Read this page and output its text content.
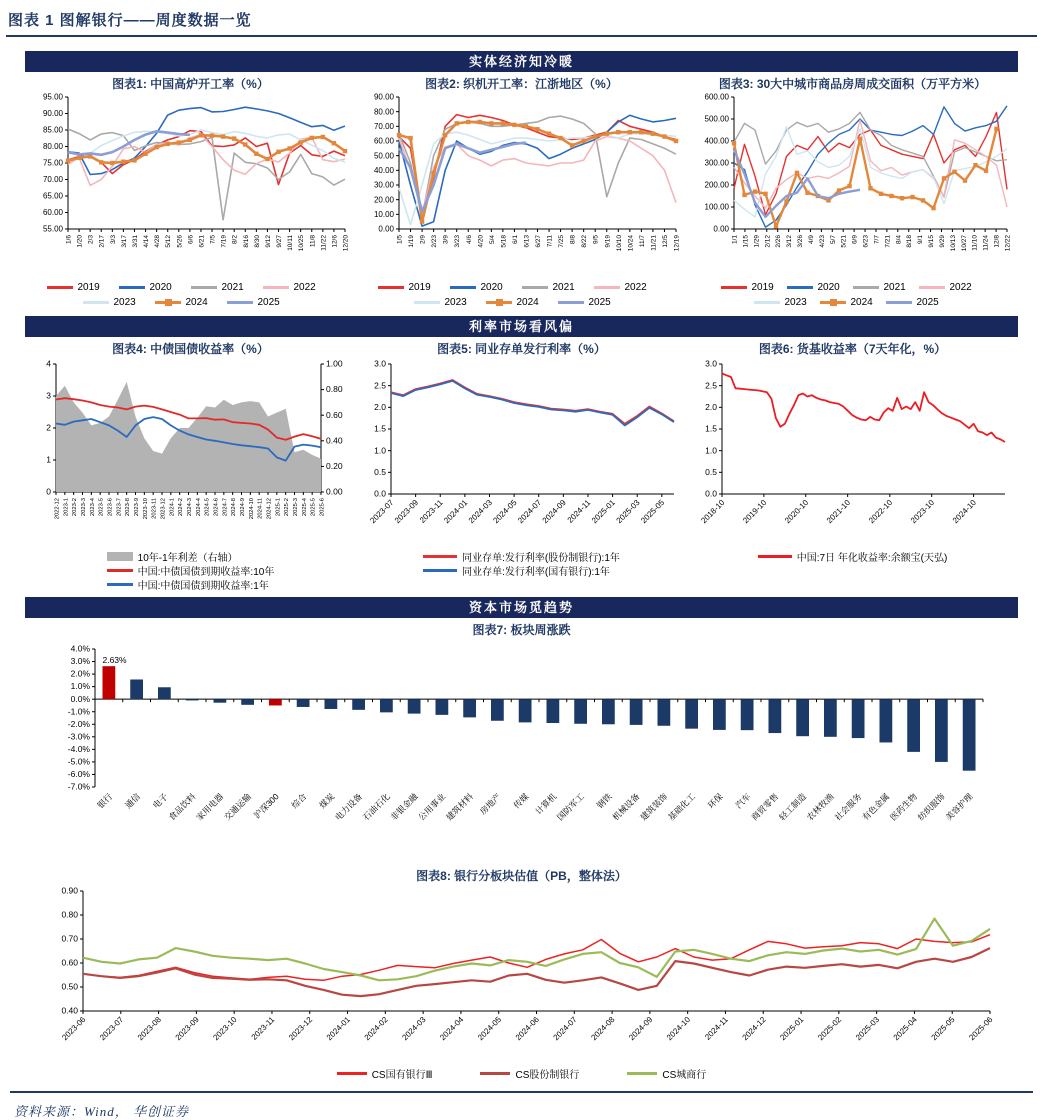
图表 1 图解银行——周度数据一览
实体经济知冷暖
图表1: 中国高炉开工率（%）
55.00
60.00
65.00
70.00
75.00
80.00
85.00
90.00
95.00
1/6 1/20 2/3 2/17 3/3 3/17 3/31 4/14 4/28 5/12 5/26 6/6 6/21 7/5 7/19 8/2 8/16 8/30 9/12 9/27 10/11 10/25 11/8 11/22 12/6 12/20
2019	2020	2021	2022
2023	2024	2025
图表2: 织机开工率：江浙地区（%）
0.00
10.00
20.00
30.00
40.00
50.00
60.00
70.00
80.00
90.00
1/5 1/19 2/9 2/23 3/9 3/23 4/6 4/20 5/4 5/18 6/1 6/13 6/27 7/11 7/25 8/8 8/22 9/5 9/19 10/10 10/24 11/7 11/21 12/5 12/19
2019	2020	2021	2022
2023	2024	2025
图表3: 30大中城市商品房周成交面积（万平方米）
0.00
100.00
200.00
300.00
400.00
500.00
600.00
1/1 1/15 1/29 2/12 2/26 3/12 3/26 4/9 4/23 5/7 5/21 6/9 6/23 7/7 7/21 8/4 8/18 9/1 9/15 9/29 10/13 10/27 11/10 11/24 12/8 12/22
2019	2020	2021	2022
2023	2024	2025
利率市场看风偏
图表4: 中债国债收益率（%）
0
1
2
3
4
0.00
0.20
0.40
0.60
0.80
1.00
2022-12 2023-1 2023-2 2023-3 2023-4 2023-5 2023-6 2023-7 2023-8 2023-9 2023-10 2023-11 2023-12 2024-1 2024-2 2024-3 2024-4 2024-5 2024-6 2024-7 2024-8 2024-9 2024-10 2024-11 2024-12 2025-1 2025-2 2025-3 2025-4 2025-5 2025-6
10年-1年利差（右轴）
中国:中债国债到期收益率:10年
中国:中债国债到期收益率:1年
图表5: 同业存单发行利率（%）
0.0
0.5
1.0
1.5
2.0
2.5
3.0
2023-07
2023-09
2023-11
2024-01
2024-03
2024-05
2024-07
2024-09
2024-11
2025-01
2025-03
2025-05
同业存单:发行利率(股份制银行):1年
同业存单:发行利率(国有银行):1年
图表6: 货基收益率（7天年化，%）
0.0
0.5
1.0
1.5
2.0
2.5
3.0
2018-10 2019-10 2020-10 2021-10 2022-10 2023-10 2024-10
中国:7日 年化收益率:余额宝(天弘)
资本市场觅趋势
图表7: 板块周涨跌
-7.0%
-6.0%
-5.0%
-4.0%
-3.0%
-2.0%
-1.0%
0.0%
1.0%
2.0%
3.0%
4.0%
银行 通信 电子
食品饮料
家用电器
交通运输
沪深300 综合 煤炭
电力设备
石油石化
非银金融
公用事业
建筑材料 房地产 传媒 计算机
国防军工 钢铁
机械设备
建筑装饰
基础化工 环保 汽车
商贸零售
轻工制造
农林牧渔
社会服务
有色金属
医药生物
纺织服饰
美容护理
2.63%
图表8: 银行分板块估值（PB，整体法）
0.40
0.50
0.60
0.70
0.80
0.90
2023-06 2023-07 2023-08 2023-09 2023-10 2023-11 2023-12 2024-01 2024-02 2024-03 2024-04 2024-05 2024-06 2024-07 2024-08 2024-09 2024-10 2024-11 2024-12 2025-01 2025-02 2025-03 2025-04 2025-05 2025-06
CS国有银行Ⅲ	CS股份制银行	CS城商行
资料来源：Wind， 华创证券
